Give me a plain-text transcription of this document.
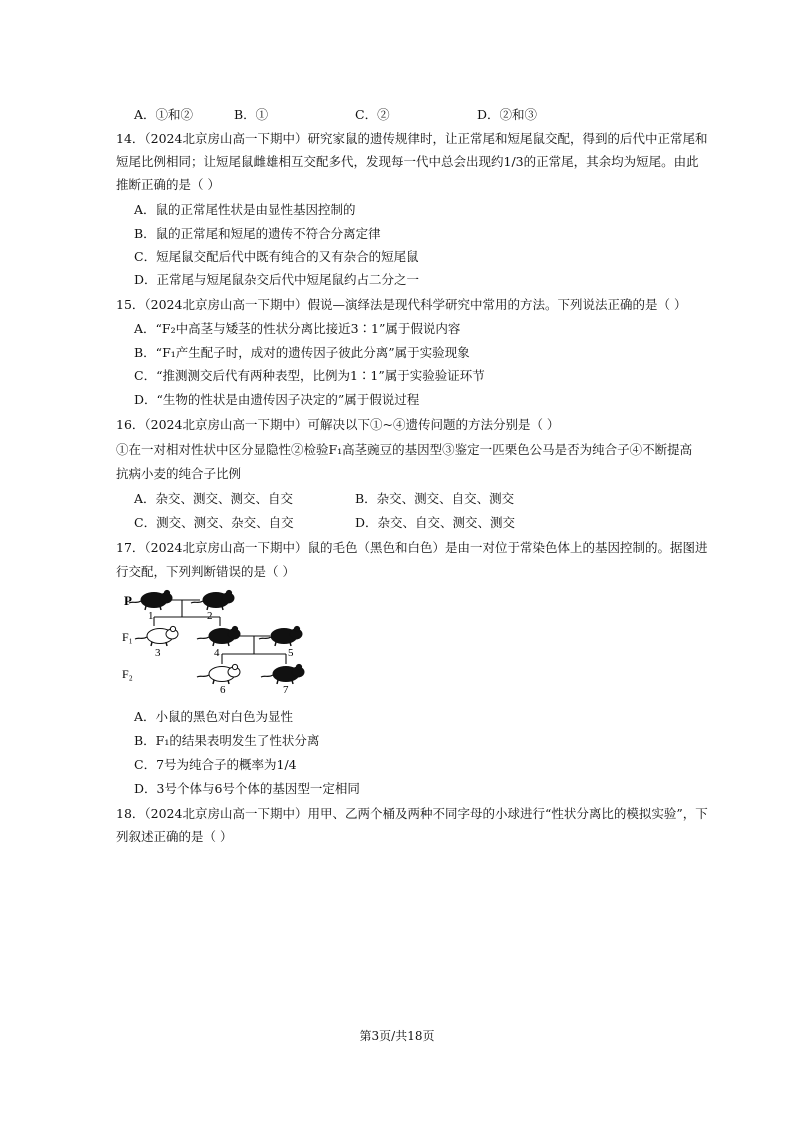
A．①和②	B．①	C．②	D．②和③
14．（2024北京房山高一下期中）研究家鼠的遗传规律时，让正常尾和短尾鼠交配，得到的后代中正常尾和
短尾比例相同；让短尾鼠雌雄相互交配多代，发现每一代中总会出现约1/3的正常尾，其余均为短尾。由此
推断正确的是（ ）
A．鼠的正常尾性状是由显性基因控制的
B．鼠的正常尾和短尾的遗传不符合分离定律
C．短尾鼠交配后代中既有纯合的又有杂合的短尾鼠
D．正常尾与短尾鼠杂交后代中短尾鼠约占二分之一
15．（2024北京房山高一下期中）假说—演绎法是现代科学研究中常用的方法。下列说法正确的是（ ）
A．“F₂中高茎与矮茎的性状分离比接近3∶1”属于假说内容
B．“F₁产生配子时，成对的遗传因子彼此分离”属于实验现象
C．“推测测交后代有两种表型，比例为1∶1”属于实验验证环节
D．“生物的性状是由遗传因子决定的”属于假说过程
16．（2024北京房山高一下期中）可解决以下①~④遗传问题的方法分别是（ ）
①在一对相对性状中区分显隐性②检验F₁高茎豌豆的基因型③鉴定一匹栗色公马是否为纯合子④不断提高
抗病小麦的纯合子比例
A．杂交、测交、测交、自交	B．杂交、测交、自交、测交
C．测交、测交、杂交、自交	D．杂交、自交、测交、测交
17．（2024北京房山高一下期中）鼠的毛色（黑色和白色）是由一对位于常染色体上的基因控制的。据图进
行交配，下列判断错误的是（ ）
P
F₁
F₂
1	2
3	4	5
6	7
A．小鼠的黑色对白色为显性
B．F₁的结果表明发生了性状分离
C．7号为纯合子的概率为1/4
D．3号个体与6号个体的基因型一定相同
18．（2024北京房山高一下期中）用甲、乙两个桶及两种不同字母的小球进行“性状分离比的模拟实验”，下
列叙述正确的是（ ）
第3页/共18页
